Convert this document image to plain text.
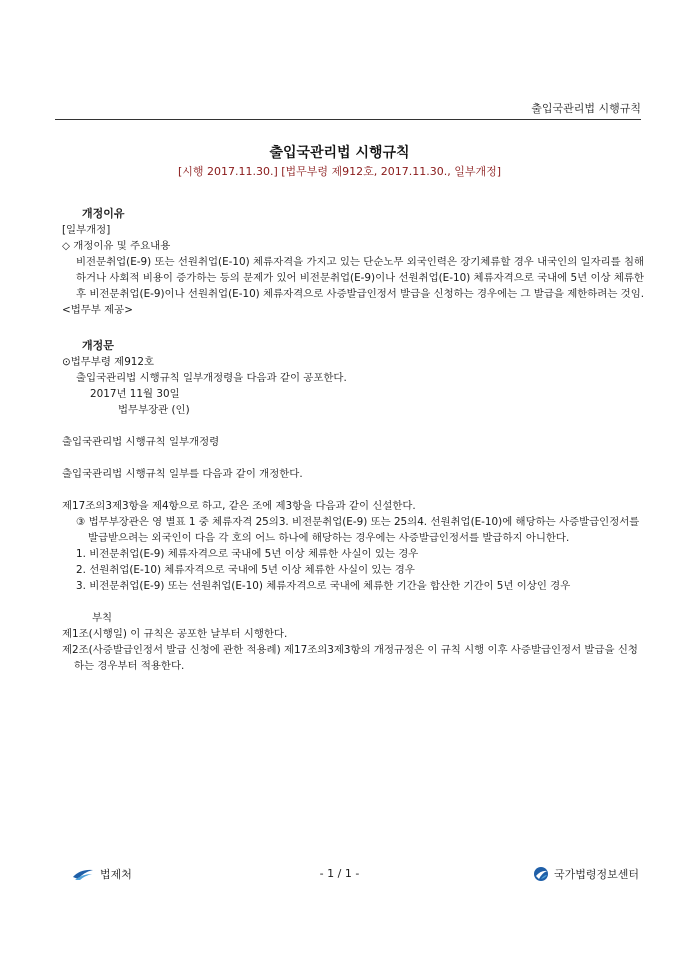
출입국관리법 시행규칙
출입국관리법 시행규칙
[시행 2017.11.30.] [법무부령 제912호, 2017.11.30., 일부개정]

개정이유

[일부개정]

◇ 개정이유 및 주요내용

비전문취업(E-9) 또는 선원취업(E-10) 체류자격을 가지고 있는 단순노무 외국인력은 장기체류할 경우 내국인의 일자리를 침해하거나 사회적 비용이 증가하는 등의 문제가 있어 비전문취업(E-9)이나 선원취업(E-10) 체류자격으로 국내에 5년 이상 체류한 후 비전문취업(E-9)이나 선원취업(E-10) 체류자격으로 사증발급인정서 발급을 신청하는 경우에는 그 발급을 제한하려는 것임.

<법무부 제공>

개정문

⊙법무부령 제912호

출입국관리법 시행규칙 일부개정령을 다음과 같이 공포한다.

2017년 11월 30일

법무부장관 (인)

출입국관리법 시행규칙 일부개정령

출입국관리법 시행규칙 일부를 다음과 같이 개정한다.

제17조의3제3항을 제4항으로 하고, 같은 조에 제3항을 다음과 같이 신설한다.

③ 법무부장관은 영 별표 1 중 체류자격 25의3. 비전문취업(E-9) 또는 25의4. 선원취업(E-10)에 해당하는 사증발급인정서를 발급받으려는 외국인이 다음 각 호의 어느 하나에 해당하는 경우에는 사증발급인정서를 발급하지 아니한다.

1. 비전문취업(E-9) 체류자격으로 국내에 5년 이상 체류한 사실이 있는 경우

2. 선원취업(E-10) 체류자격으로 국내에 5년 이상 체류한 사실이 있는 경우

3. 비전문취업(E-9) 또는 선원취업(E-10) 체류자격으로 국내에 체류한 기간을 합산한 기간이 5년 이상인 경우

부칙

제1조(시행일) 이 규칙은 공포한 날부터 시행한다.

제2조(사증발급인정서 발급 신청에 관한 적용례) 제17조의3제3항의 개정규정은 이 규칙 시행 이후 사증발급인정서 발급을 신청하는 경우부터 적용한다.

법제처	- 1 / 1 -	국가법령정보센터
